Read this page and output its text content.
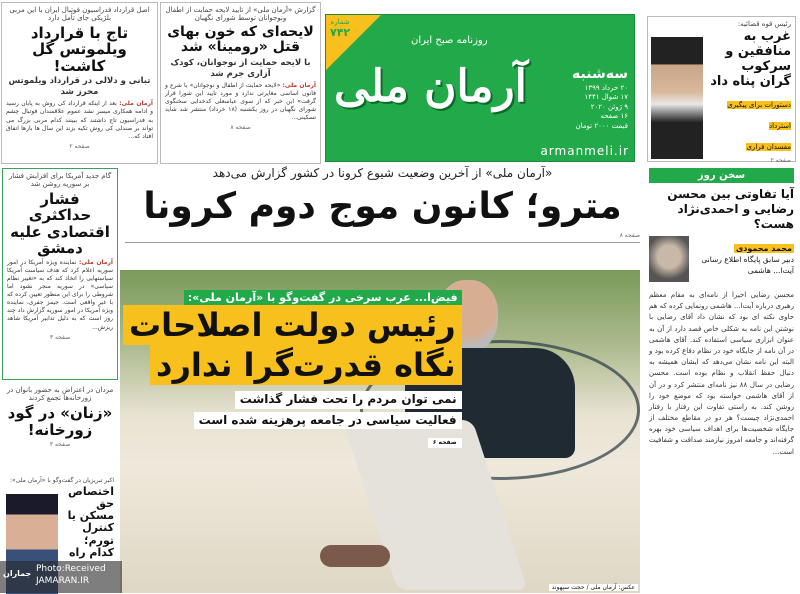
اصل قرارداد فدراسیون فوتبال ایران با این مربی بلژیکی جای تأمل دارد
تاج با قرارداد ویلموتس گل کاشت!
تبانی و دلالی در قرارداد ویلموتس محرز شد
آرمان ملی: بعد از اینکه قرارداد کی روش به پایان رسید و ادامه همکاری میسر نشد عموم علاقمندان فوتبال چشم به فدراسیون تاج داشتند که ببینند کدام مربی بزرگ می تواند بر صندلی کی روش تکیه بزند این سال ها بارها اتفاق افتاد که...
صفحه ۲
گزارش «آرمان ملی» از تایید لایحه حمایت از اطفال ونوجوانان توسط شورای نگهبان
لایحه‌ای که خون بهای قتل «رومینا» شد
با لایحه حمایت از نوجوانان، کودک آزاری جرم شد
آرمان ملی: «لایحه حمایت از اطفال و نوجوانان» با شرع و قانون اساسی مغایرتی ندارد و مورد تایید این شورا قرار گرفت» این خبر که از سوی عباسعلی کدخدایی سخنگوی شورای نگهبان در روز یکشنبه (۱۸ خرداد) منتشر شد شاید تسکینی...
صفحه ۸
شماره
۷۴۲
روزنامه صبح ایران
آرمان ملی	سه‌شنبه
۲۰ خرداد ۱۳۹۹
۱۷ شوال ۱۴۴۱
۹ ژوئن ۲۰۲۰
۱۶ صفحه
قیمت ۲۰۰۰ تومان
armanmeli.ir
رئیس قوه قضائیه:
غرب به منافقین و سرکوب گران پناه داد
دستورات برای پیگیری
استرداد
مفسدان فراری
صفحه ۲
«آرمان ملی» از آخرین وضعیت شیوع کرونا در کشور گزارش می‌دهد
مترو؛ کانون موج دوم کرونا
صفحه ۸
فیض‌ا... عرب سرخی در گفت‌وگو با «آرمان ملی»:
رئیس دولت اصلاحات
نگاه قدرت‌گرا ندارد
نمی توان مردم را تحت فشار گذاشت
فعالیت سیاسی در جامعه پرهزینه شده است
صفحه ۶
عکس: آرمان ملی / حجت سپهوند
گام جدید آمریکا برای افزایش فشار بر سوریه روشن شد
فشار حداکثری اقتصادی علیه دمشق
آرمان ملی: نماینده ویژه آمریکا در امور سوریه اعلام کرد که هدف سیاست آمریکا سیاستهایی را اتخاذ کند که به «تغییر نظام سیاسی» در سوریه منجر نشود اما شروطی را برای این منظور تعیین کرده که با غیر واقعی است. جیمز جفری، نماینده ویژه آمریکا در امور سوریه گزارش داد چند روز است که به دلیل تدابیر آمریکا شاهد ریزش...
صفحه ۳
مردان در اعتراض به حضور بانوان در زورخانه‌ها تجمع کردند
«زنان» در گود زورخانه!
صفحه ۳
اکبر تبریزیان در گفت‌وگو با «آرمان ملی»:
اختصاص حق مسکن یا کنترل تورم؛ کدام راه
جماران Photo:Received
JAMARAN.IR
سخن روز
آیا تفاوتی بین محسن رضایی و احمدی‌نژاد هست؟
محمد محمودی
دبیر سابق پایگاه اطلاع رسانی آیت‌ا... هاشمی
محسن رضایی اخیرا از نامه‌ای به مقام معظم رهبری درباره آیت‌ا... هاشمی رونمایی کرده که هم حاوی نکته ای بود که نشان داد آقای رضایی با نوشتن این نامه به شکلی خاص قصد دارد از آن به عنوان ابزاری سیاسی استفاده کند. آقای هاشمی در آن نامه از جایگاه خود در نظام دفاع کرده بود و البته این نامه نشان می‌دهد که ایشان همیشه به دنبال حفظ انقلاب و نظام بوده است. محسن رضایی در سال ۸۸ نیز نامه‌ای منتشر کرد و در آن از آقای هاشمی خواسته بود که موضع خود را روشن کند. به راستی تفاوت این رفتار با رفتار احمدی‌نژاد چیست؟ هر دو در مقاطع مختلف از جایگاه شخصیت‌ها برای اهداف سیاسی خود بهره گرفته‌اند و جامعه امروز نیازمند صداقت و شفافیت است...
